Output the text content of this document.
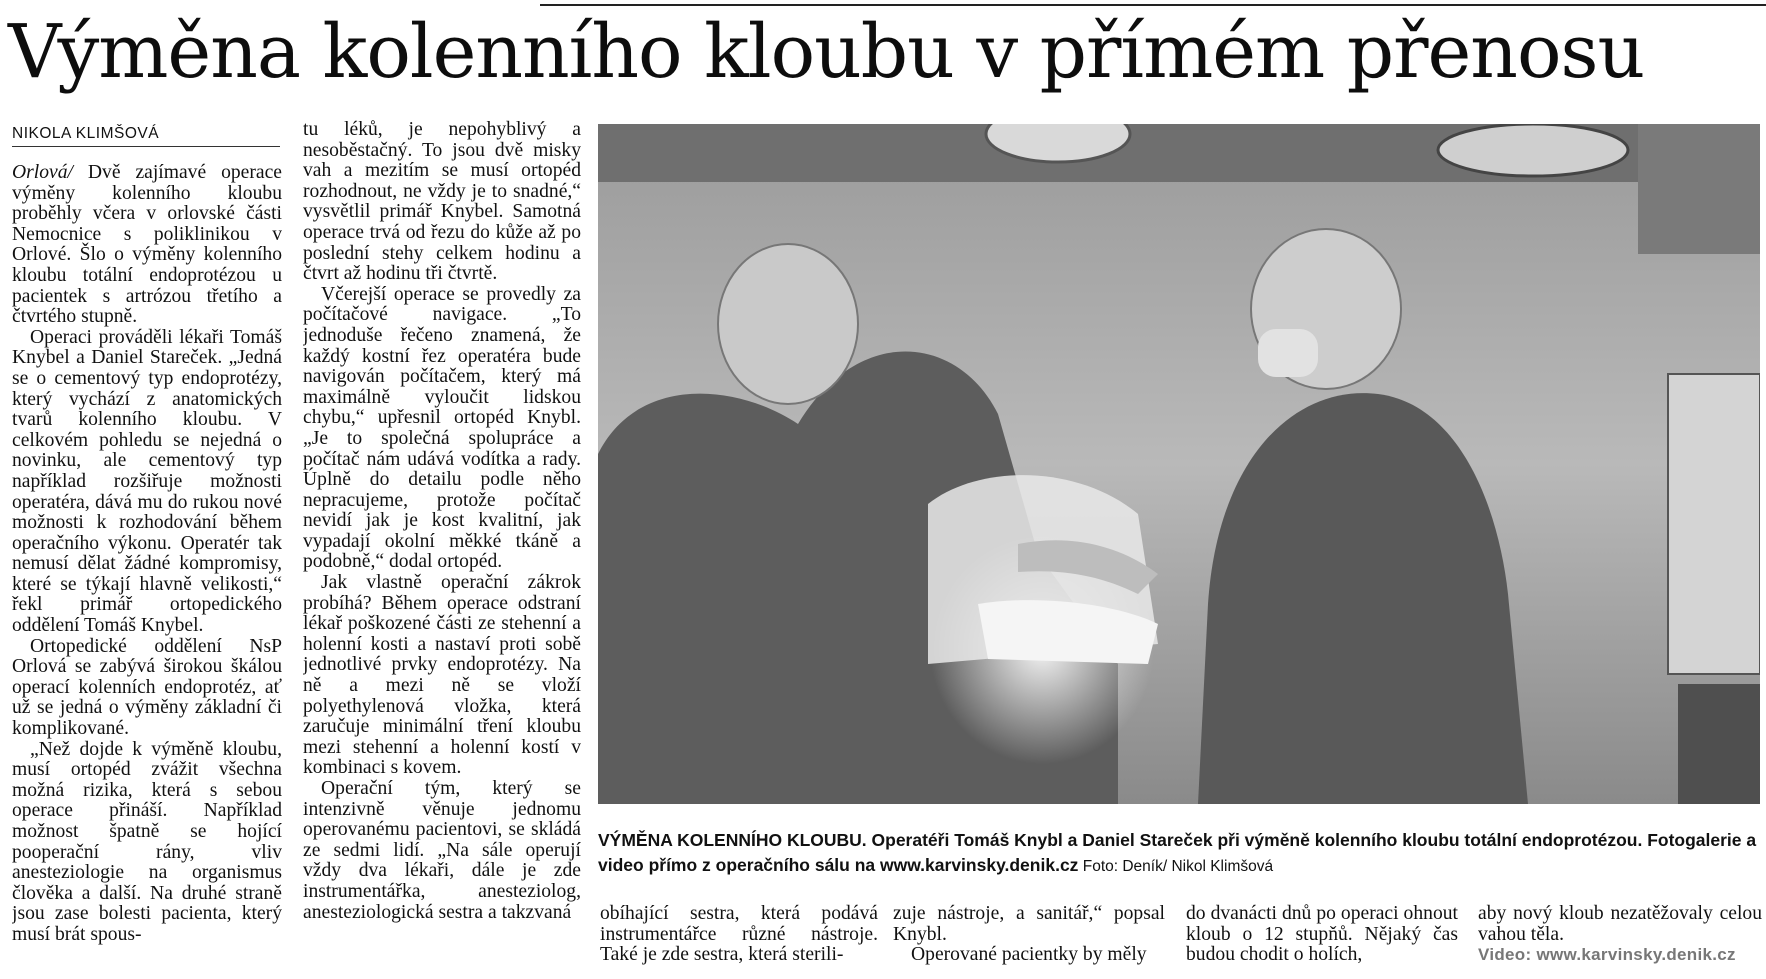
Výměna kolenního kloubu v přímém přenosu
NIKOLA KLIMŠOVÁ

Orlová/ Dvě zajímavé operace výměny kolenního kloubu proběhly včera v orlovské části Nemocnice s poliklinikou v Orlové. Šlo o výměny kolenního kloubu totální endoprotézou u pacientek s artrózou třetího a čtvrtého stupně.

Operaci prováděli lékaři Tomáš Knybel a Daniel Stareček. „Jedná se o cementový typ endoprotézy, který vychází z anatomických tvarů kolenního kloubu. V celkovém pohledu se nejedná o novinku, ale cementový typ například rozšiřuje možnosti operatéra, dává mu do rukou nové možnosti k rozhodování během operačního výkonu. Operatér tak nemusí dělat žádné kompromisy, které se týkají hlavně velikosti,“ řekl primář ortopedického oddělení Tomáš Knybel.

Ortopedické oddělení NsP Orlová se zabývá širokou škálou operací kolenních endoprotéz, ať už se jedná o výměny základní či komplikované.

„Než dojde k výměně kloubu, musí ortopéd zvážit všechna možná rizika, která s sebou operace přináší. Například možnost špatně se hojící pooperační rány, vliv anesteziologie na organismus člověka a další. Na druhé straně jsou zase bolesti pacienta, který musí brát spous-

tu léků, je nepohyblivý a nesoběstačný. To jsou dvě misky vah a mezitím se musí ortopéd rozhodnout, ne vždy je to snadné,“ vysvětlil primář Knybel. Samotná operace trvá od řezu do kůže až po poslední stehy celkem hodinu a čtvrt až hodinu tři čtvrtě.

Včerejší operace se provedly za počítačové navigace. „To jednoduše řečeno znamená, že každý kostní řez operatéra bude navigován počítačem, který má maximálně vyloučit lidskou chybu,“ upřesnil ortopéd Knybl. „Je to společná spolupráce a počítač nám udává vodítka a rady. Úplně do detailu podle něho nepracujeme, protože počítač nevidí jak je kost kvalitní, jak vypadají okolní měkké tkáně a podobně,“ dodal ortopéd.

Jak vlastně operační zákrok probíhá? Během operace odstraní lékař poškozené části ze stehenní a holenní kosti a nastaví proti sobě jednotlivé prvky endoprotézy. Na ně a mezi ně se vloží polyethylenová vložka, která zaručuje minimální tření kloubu mezi stehenní a holenní kostí v kombinaci s kovem.

Operační tým, který se intenzivně věnuje jednomu operovanému pacientovi, se skládá ze sedmi lidí. „Na sále operují vždy dva lékaři, dále je zde instrumentářka, anesteziolog, anesteziologická sestra a takzvaná

VÝMĚNA KOLENNÍHO KLOUBU. Operatéři Tomáš Knybl a Daniel Stareček při výměně kolenního kloubu totální endoprotézou. Fotogalerie a video přímo z operačního sálu na www.karvinsky.denik.cz Foto: Deník/ Nikol Klimšová

obíhající sestra, která podává instrumentářce různé nástroje. Také je zde sestra, která sterili-

zuje nástroje, a sanitář,“ popsal Knybl.

Operované pacientky by měly

do dvanácti dnů po operaci ohnout kloub o 12 stupňů. Nějaký čas budou chodit o holích,

aby nový kloub nezatěžovaly celou vahou těla.

Video: www.karvinsky.denik.cz
